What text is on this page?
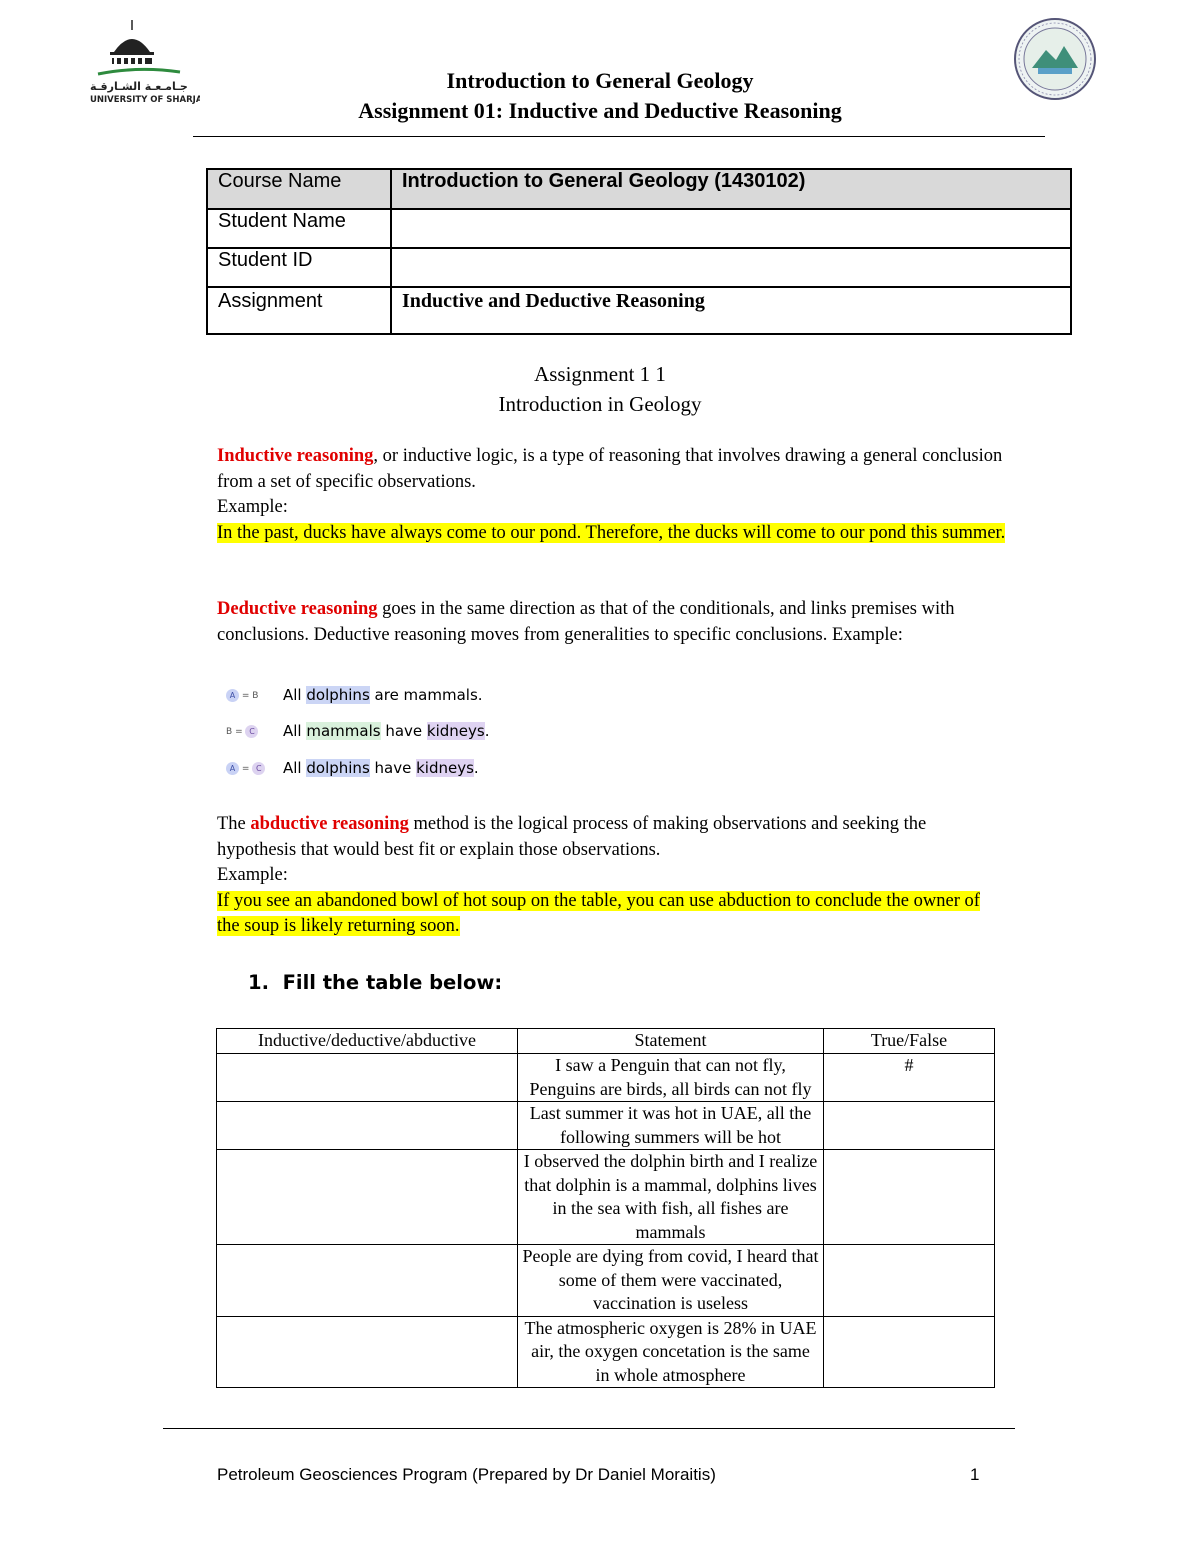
جـامـعـة الشـارقـة
UNIVERSITY OF SHARJAH
Introduction to General Geology
Assignment 01: Inductive and Deductive Reasoning
Course Name	Introduction to General Geology (1430102)
Student Name	
Student ID	
Assignment	Inductive and Deductive Reasoning
Assignment 1 1
Introduction in Geology
Inductive reasoning, or inductive logic, is a type of reasoning that involves drawing a general conclusion from a set of specific observations.
Example:
In the past, ducks have always come to our pond. Therefore, the ducks will come to our pond this summer.
Deductive reasoning goes in the same direction as that of the conditionals, and links premises with conclusions. Deductive reasoning moves from generalities to specific conclusions. Example:
A = B	All dolphins are mammals.
B = C	All mammals have kidneys.
A = C	All dolphins have kidneys.
The abductive reasoning method is the logical process of making observations and seeking the hypothesis that would best fit or explain those observations.
Example:
If you see an abandoned bowl of hot soup on the table, you can use abduction to conclude the owner of the soup is likely returning soon.
1. Fill the table below:
Inductive/deductive/abductive	Statement	True/False
	I saw a Penguin that can not fly, Penguins are birds, all birds can not fly	#
	Last summer it was hot in UAE, all the following summers will be hot	
	I observed the dolphin birth and I realize that dolphin is a mammal, dolphins lives in the sea with fish, all fishes are mammals	
	People are dying from covid, I heard that some of them were vaccinated, vaccination is useless	
	The atmospheric oxygen is 28% in UAE air, the oxygen concetation is the same in whole atmosphere	
Petroleum Geosciences Program (Prepared by Dr Daniel Moraitis)	1
